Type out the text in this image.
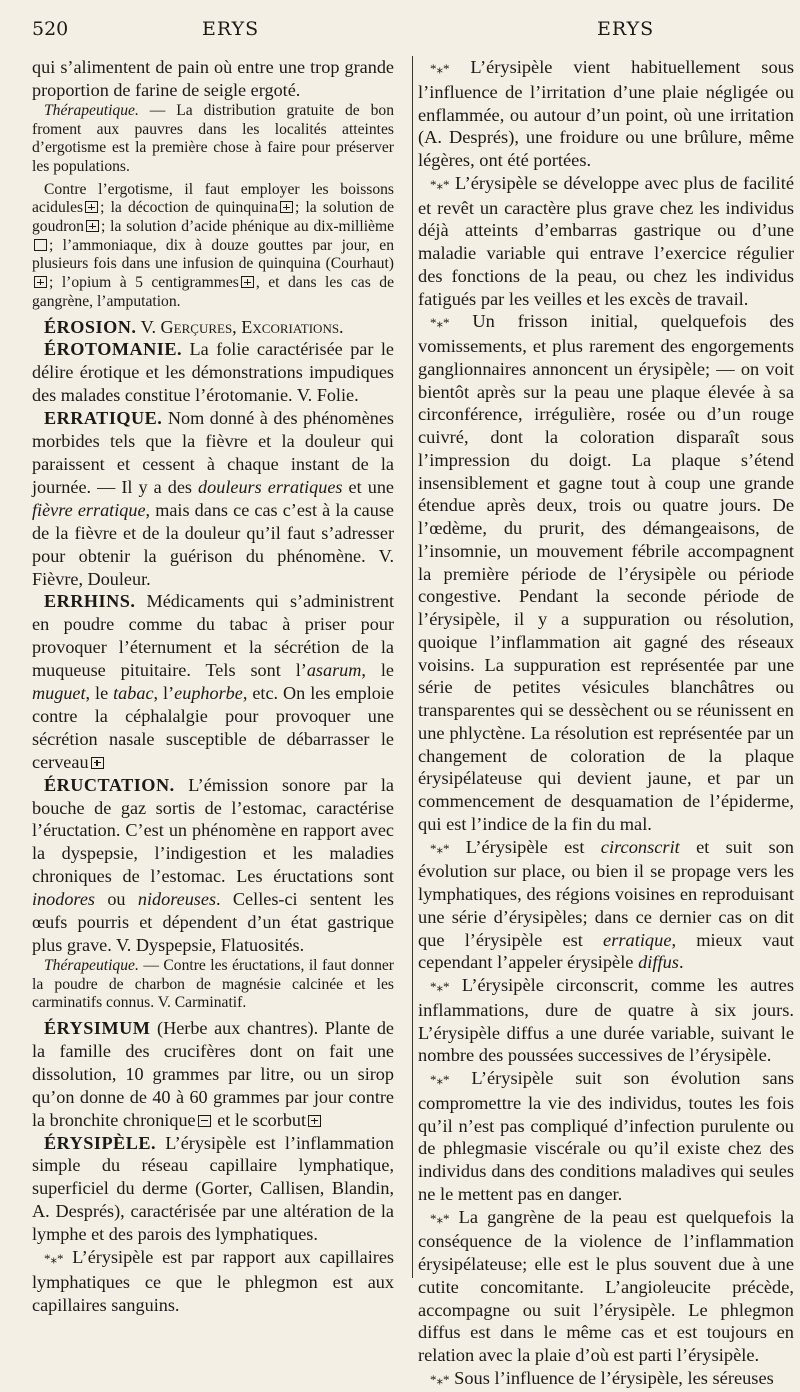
520	ERYS	ERYS

qui s’alimentent de pain où entre une trop grande proportion de farine de seigle ergoté.

Thérapeutique. — La distribution gratuite de bon froment aux pauvres dans les localités atteintes d’ergotisme est la première chose à faire pour préserver les populations.

Contre l’ergotisme, il faut employer les boissons acidules ; la décoction de quinquina ; la solution de goudron ; la solution d’acide phénique au dix-millième; l’ammoniaque, dix à douze gouttes par jour, en plusieurs fois dans une infusion de quinquina (Courhaut); l’opium à 5 centigrammes , et dans les cas de gangrène, l’amputation.

ÉROSION. V. Gerçures, Excoriations.

ÉROTOMANIE. La folie caractérisée par le délire érotique et les démonstrations impudiques des malades constitue l’érotomanie. V. Folie.

ERRATIQUE. Nom donné à des phénomènes morbides tels que la fièvre et la douleur qui paraissent et cessent à chaque instant de la journée. — Il y a des douleurs erratiques et une fièvre erratique, mais dans ce cas c’est à la cause de la fièvre et de la douleur qu’il faut s’adresser pour obtenir la guérison du phénomène. V. Fièvre, Douleur.

ERRHINS. Médicaments qui s’administrent en poudre comme du tabac à priser pour provoquer l’éternument et la sécrétion de la muqueuse pituitaire. Tels sont l’asarum, le muguet, le tabac, l’euphorbe, etc. On les emploie contre la céphalalgie pour provoquer une sécrétion nasale susceptible de débarrasser le cerveau

ÉRUCTATION. L’émission sonore par la bouche de gaz sortis de l’estomac, caractérise l’éructation. C’est un phénomène en rapport avec la dyspepsie, l’indigestion et les maladies chroniques de l’estomac. Les éructations sont inodores ou nidoreuses. Celles-ci sentent les œufs pourris et dépendent d’un état gastrique plus grave. V. Dyspepsie, Flatuosités.

Thérapeutique. — Contre les éructations, il faut donner la poudre de charbon de magnésie calcinée et les carminatifs connus. V. Carminatif.

ÉRYSIMUM (Herbe aux chantres). Plante de la famille des crucifères dont on fait une dissolution, 10 grammes par litre, ou un sirop qu’on donne de 40 à 60 grammes par jour contre la bronchite chronique et le scorbut

ÉRYSIPÈLE. L’érysipèle est l’inflammation simple du réseau capillaire lymphatique, superficiel du derme (Gorter, Callisen, Blandin, A. Després), caractérisée par une altération de la lymphe et des parois des lymphatiques.

*⁎* L’érysipèle est par rapport aux capillaires lymphatiques ce que le phlegmon est aux capillaires sanguins.

*⁎* L’érysipèle vient habituellement sous l’influence de l’irritation d’une plaie négligée ou enflammée, ou autour d’un point, où une irritation (A. Després), une froidure ou une brûlure, même légères, ont été portées.

*⁎* L’érysipèle se développe avec plus de facilité et revêt un caractère plus grave chez les individus déjà atteints d’embarras gastrique ou d’une maladie variable qui entrave l’exercice régulier des fonctions de la peau, ou chez les individus fatigués par les veilles et les excès de travail.

*⁎* Un frisson initial, quelquefois des vomissements, et plus rarement des engorgements ganglionnaires annoncent un érysipèle; — on voit bientôt après sur la peau une plaque élevée à sa circonférence, irrégulière, rosée ou d’un rouge cuivré, dont la coloration disparaît sous l’impression du doigt. La plaque s’étend insensiblement et gagne tout à coup une grande étendue après deux, trois ou quatre jours. De l’œdème, du prurit, des démangeaisons, de l’insomnie, un mouvement fébrile accompagnent la première période de l’érysipèle ou période congestive. Pendant la seconde période de l’érysipèle, il y a suppuration ou résolution, quoique l’inflammation ait gagné des réseaux voisins. La suppuration est représentée par une série de petites vésicules blanchâtres ou transparentes qui se dessèchent ou se réunissent en une phlyctène. La résolution est représentée par un changement de coloration de la plaque érysipélateuse qui devient jaune, et par un commencement de desquamation de l’épiderme, qui est l’indice de la fin du mal.

*⁎* L’érysipèle est circonscrit et suit son évolution sur place, ou bien il se propage vers les lymphatiques, des régions voisines en reproduisant une série d’érysipèles; dans ce dernier cas on dit que l’érysipèle est erratique, mieux vaut cependant l’appeler érysipèle diffus.

*⁎* L’érysipèle circonscrit, comme les autres inflammations, dure de quatre à six jours. L’érysipèle diffus a une durée variable, suivant le nombre des poussées successives de l’érysipèle.

*⁎* L’érysipèle suit son évolution sans compromettre la vie des individus, toutes les fois qu’il n’est pas compliqué d’infection purulente ou de phlegmasie viscérale ou qu’il existe chez des individus dans des conditions maladives qui seules ne le mettent pas en danger.

*⁎* La gangrène de la peau est quelquefois la conséquence de la violence de l’inflammation érysipélateuse; elle est le plus souvent due à une cutite concomitante. L’angioleucite précède, accompagne ou suit l’érysipèle. Le phlegmon diffus est dans le même cas et est toujours en relation avec la plaie d’où est parti l’érysipèle.

*⁎* Sous l’influence de l’érysipèle, les séreuses
